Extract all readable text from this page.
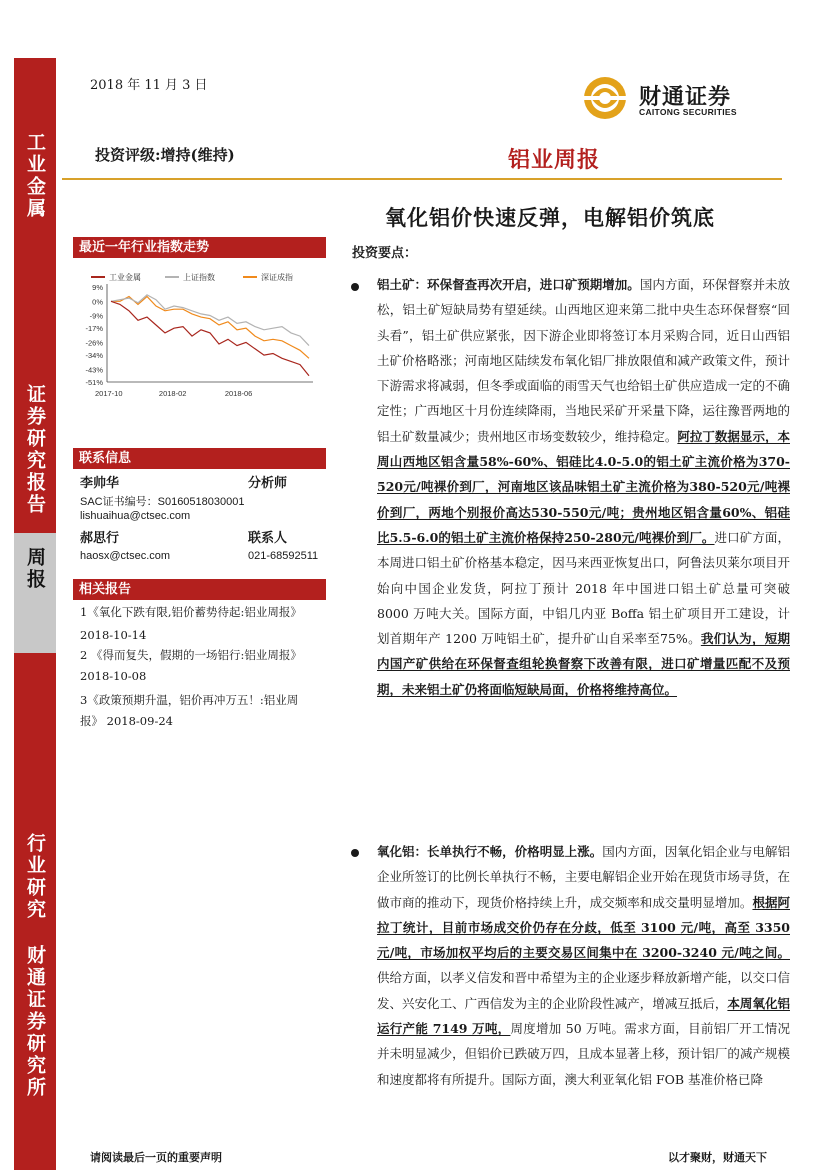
工业金属
证券研究报告
周报
行业研究
财通证券研究所
2018 年 11 月 3 日	财通证券
CAITONG SECURITIES
投资评级:增持(维持)	铝业周报
氧化铝价快速反弹，电解铝价筑底
最近一年行业指数走势
工业金属	上证指数	深证成指
9%
0%
-9%
-17%
-26%
-34%
-43%
-51%
2017-10	2018-02	2018-06
联系信息
李帅华	分析师
SAC证书编号：S0160518030001
lishuaihua@ctsec.com
郝思行	联系人
haosx@ctsec.com	021-68592511
相关报告
1《氧化下跌有限,铝价蓄势待起:铝业周报》
2018-10-14
2 《得而复失，假期的一场铝行:铝业周报》
2018-10-08
3《政策预期升温，铝价再冲万五！:铝业周
报》 2018-09-24
投资要点：
铝土矿：环保督查再次开启，进口矿预期增加。国内方面，环保督察并未放松，铝土矿短缺局势有望延续。山西地区迎来第二批中央生态环保督察“回头看”，铝土矿供应紧张，因下游企业即将签订本月采购合同，近日山西铝土矿价格略涨；河南地区陆续发布氧化铝厂排放限值和减产政策文件，预计下游需求将减弱，但冬季或面临的雨雪天气也给铝土矿供应造成一定的不确定性；广西地区十月份连续降雨，当地民采矿开采量下降，运往豫晋两地的铝土矿数量减少；贵州地区市场变数较少，维持稳定。阿拉丁数据显示，本周山西地区铝含量58%-60%、铝硅比4.0-5.0的铝土矿主流价格为370-520元/吨裸价到厂，河南地区该品味铝土矿主流价格为380-520元/吨裸价到厂，两地个别报价高达530-550元/吨；贵州地区铝含量60%、铝硅比5.5-6.0的铝土矿主流价格保持250-280元/吨裸价到厂。进口矿方面，本周进口铝土矿价格基本稳定，因马来西亚恢复出口，阿鲁法贝莱尔项目开始向中国企业发货，阿拉丁预计 2018 年中国进口铝土矿总量可突破 8000 万吨大关。国际方面，中铝几内亚 Boffa 铝土矿项目开工建设，计划首期年产 1200 万吨铝土矿，提升矿山自采率至75%。我们认为，短期内国产矿供给在环保督查组轮换督察下改善有限，进口矿增量匹配不及预期，未来铝土矿仍将面临短缺局面，价格将维持高位。
氧化铝：长单执行不畅，价格明显上涨。国内方面，因氧化铝企业与电解铝企业所签订的比例长单执行不畅，主要电解铝企业开始在现货市场寻货，在做市商的推动下，现货价格持续上升，成交频率和成交量明显增加。根据阿拉丁统计，目前市场成交价仍存在分歧，低至 3100 元/吨，高至 3350 元/吨，市场加权平均后的主要交易区间集中在 3200-3240 元/吨之间。供给方面，以孝义信发和晋中希望为主的企业逐步释放新增产能，以交口信发、兴安化工、广西信发为主的企业阶段性减产，增减互抵后，本周氧化铝运行产能 7149 万吨，周度增加 50 万吨。需求方面，目前铝厂开工情况并未明显减少，但铝价已跌破万四，且成本显著上移，预计铝厂的减产规模和速度都将有所提升。国际方面，澳大利亚氧化铝 FOB 基准价格已降
请阅读最后一页的重要声明	以才聚财，财通天下
